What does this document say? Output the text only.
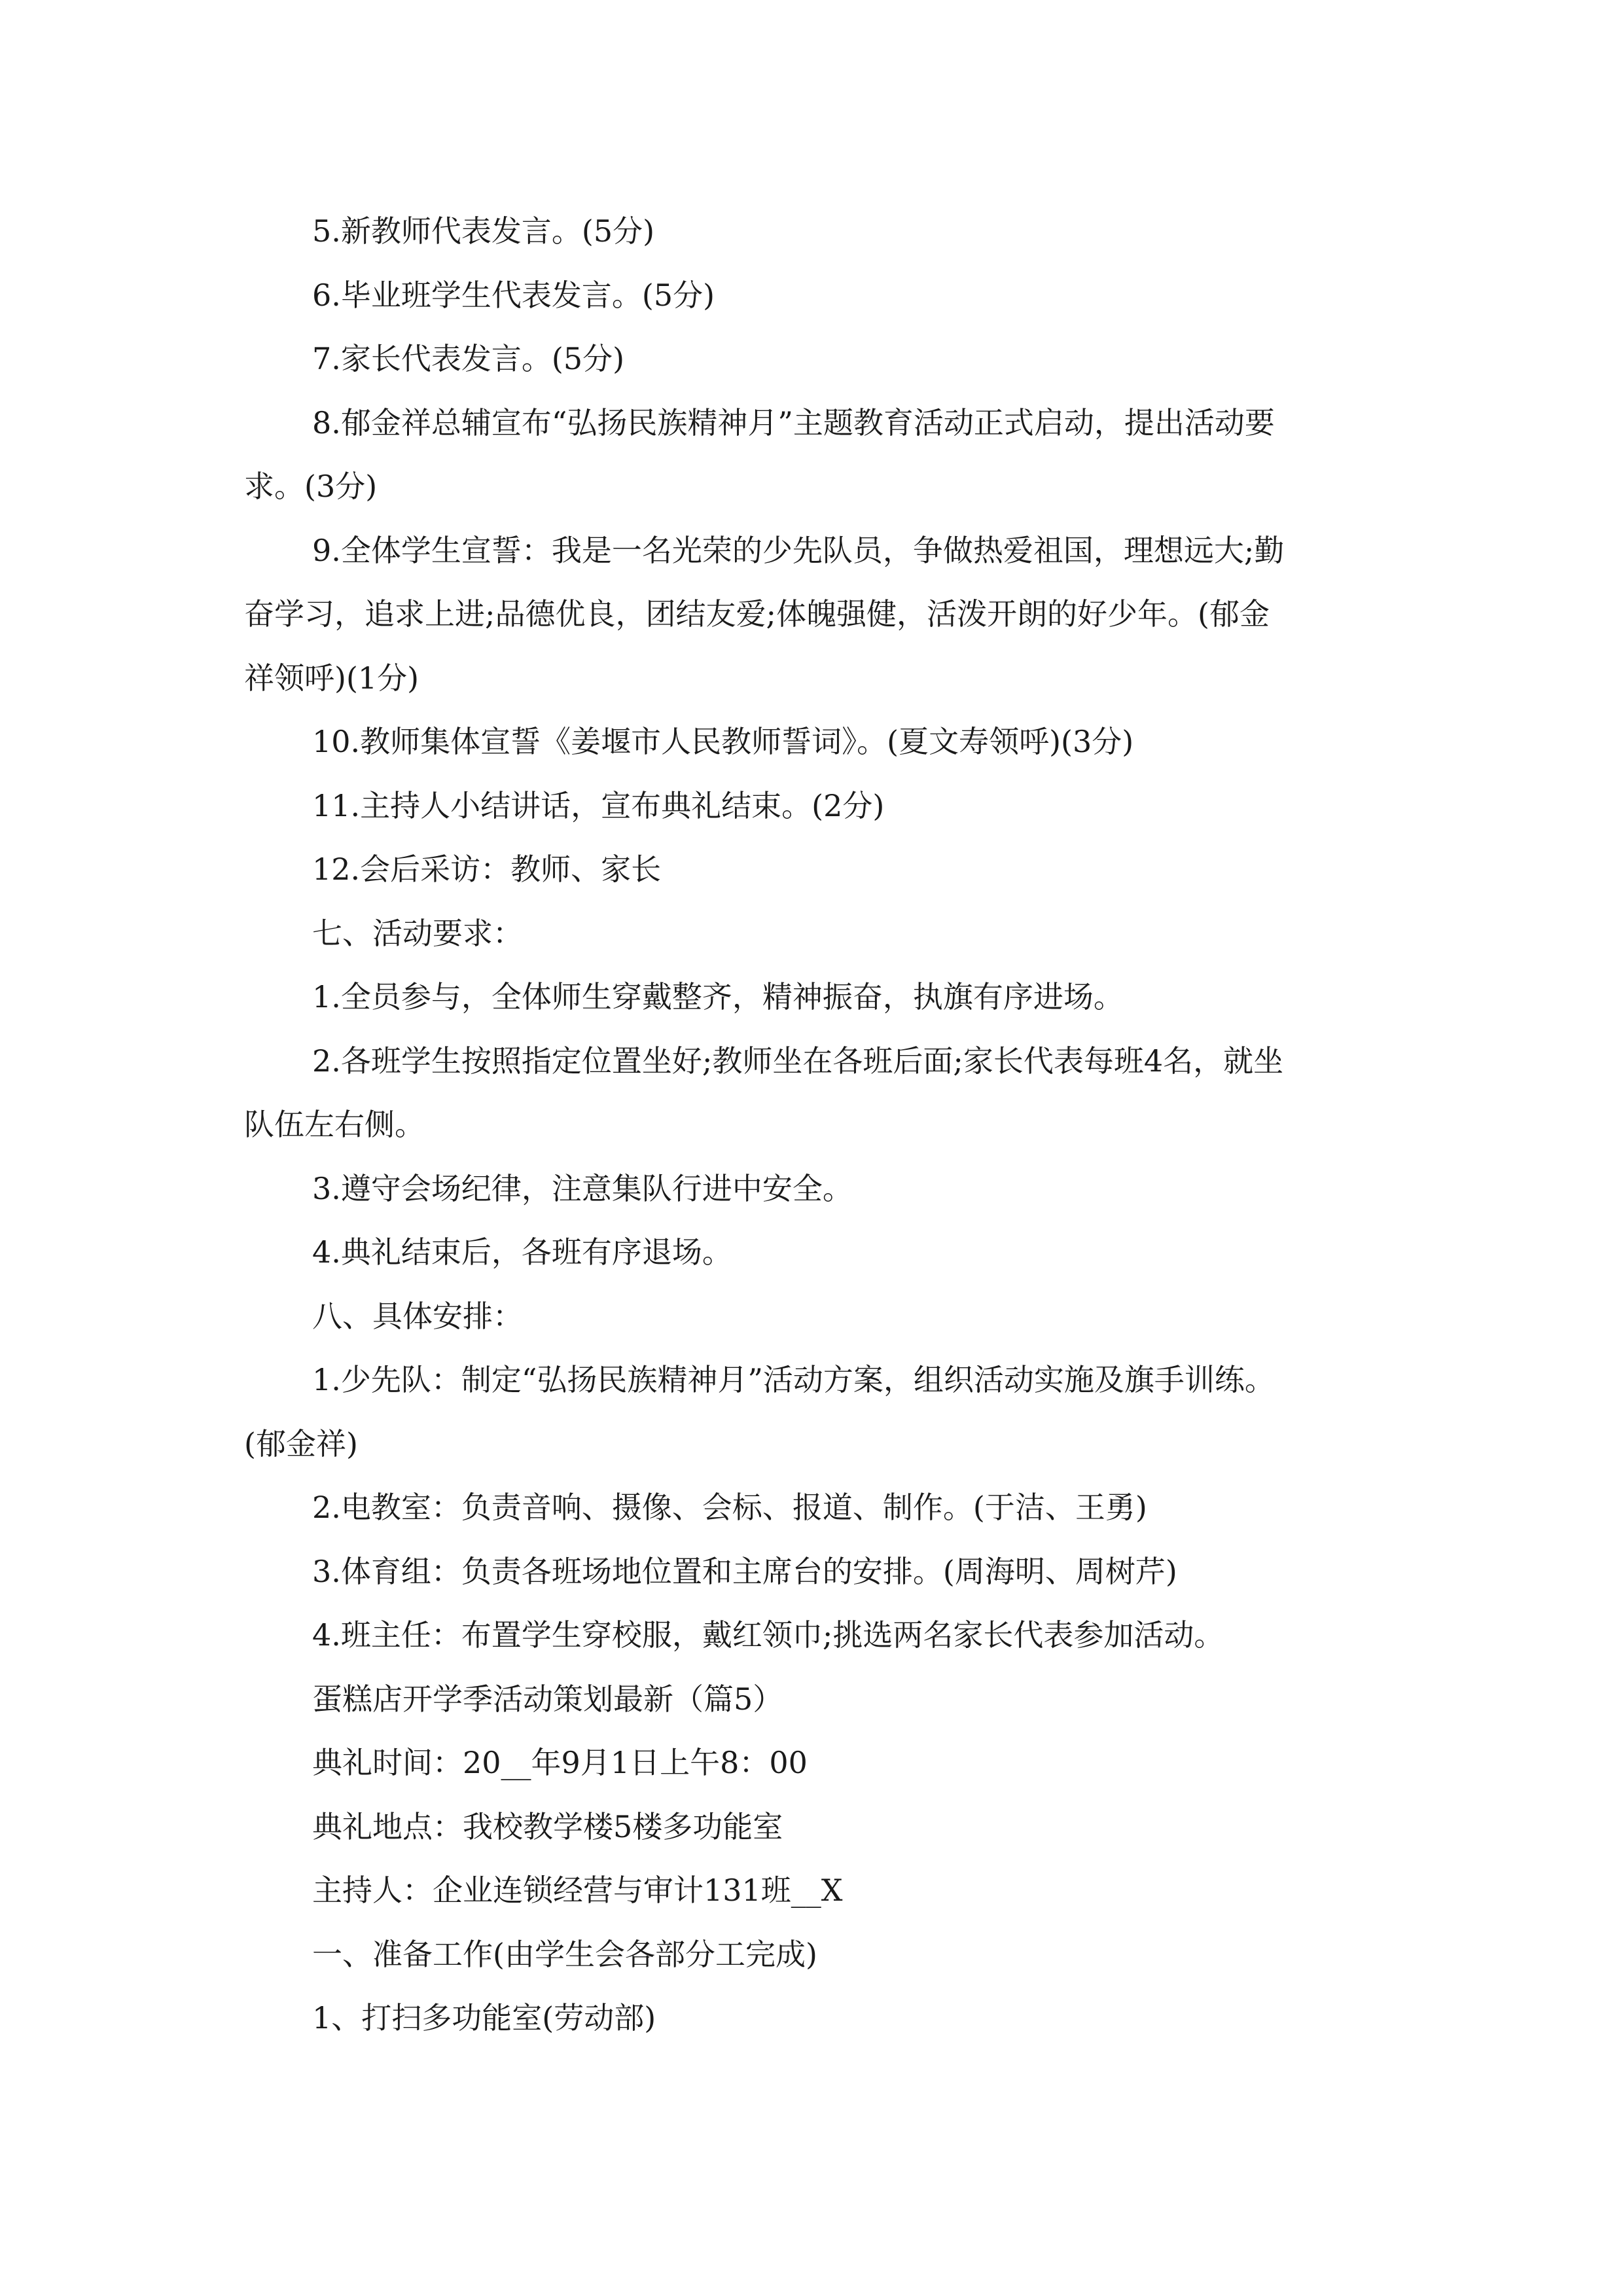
5.新教师代表发言。(5分)
6.毕业班学生代表发言。(5分)
7.家长代表发言。(5分)
8.郁金祥总辅宣布“弘扬民族精神月”主题教育活动正式启动，提出活动要
求。(3分)
9.全体学生宣誓：我是一名光荣的少先队员，争做热爱祖国，理想远大;勤
奋学习，追求上进;品德优良，团结友爱;体魄强健，活泼开朗的好少年。(郁金
祥领呼)(1分)
10.教师集体宣誓《姜堰市人民教师誓词》。(夏文寿领呼)(3分)
11.主持人小结讲话，宣布典礼结束。(2分)
12.会后采访：教师、家长
七、活动要求：
1.全员参与，全体师生穿戴整齐，精神振奋，执旗有序进场。
2.各班学生按照指定位置坐好;教师坐在各班后面;家长代表每班4名，就坐
队伍左右侧。
3.遵守会场纪律，注意集队行进中安全。
4.典礼结束后，各班有序退场。
八、具体安排：
1.少先队：制定“弘扬民族精神月”活动方案，组织活动实施及旗手训练。
(郁金祥)
2.电教室：负责音响、摄像、会标、报道、制作。(于洁、王勇)
3.体育组：负责各班场地位置和主席台的安排。(周海明、周树芹)
4.班主任：布置学生穿校服，戴红领巾;挑选两名家长代表参加活动。
蛋糕店开学季活动策划最新（篇5）
典礼时间：20__年9月1日上午8：00
典礼地点：我校教学楼5楼多功能室
主持人：企业连锁经营与审计131班__X
一、准备工作(由学生会各部分工完成)
1、打扫多功能室(劳动部)
